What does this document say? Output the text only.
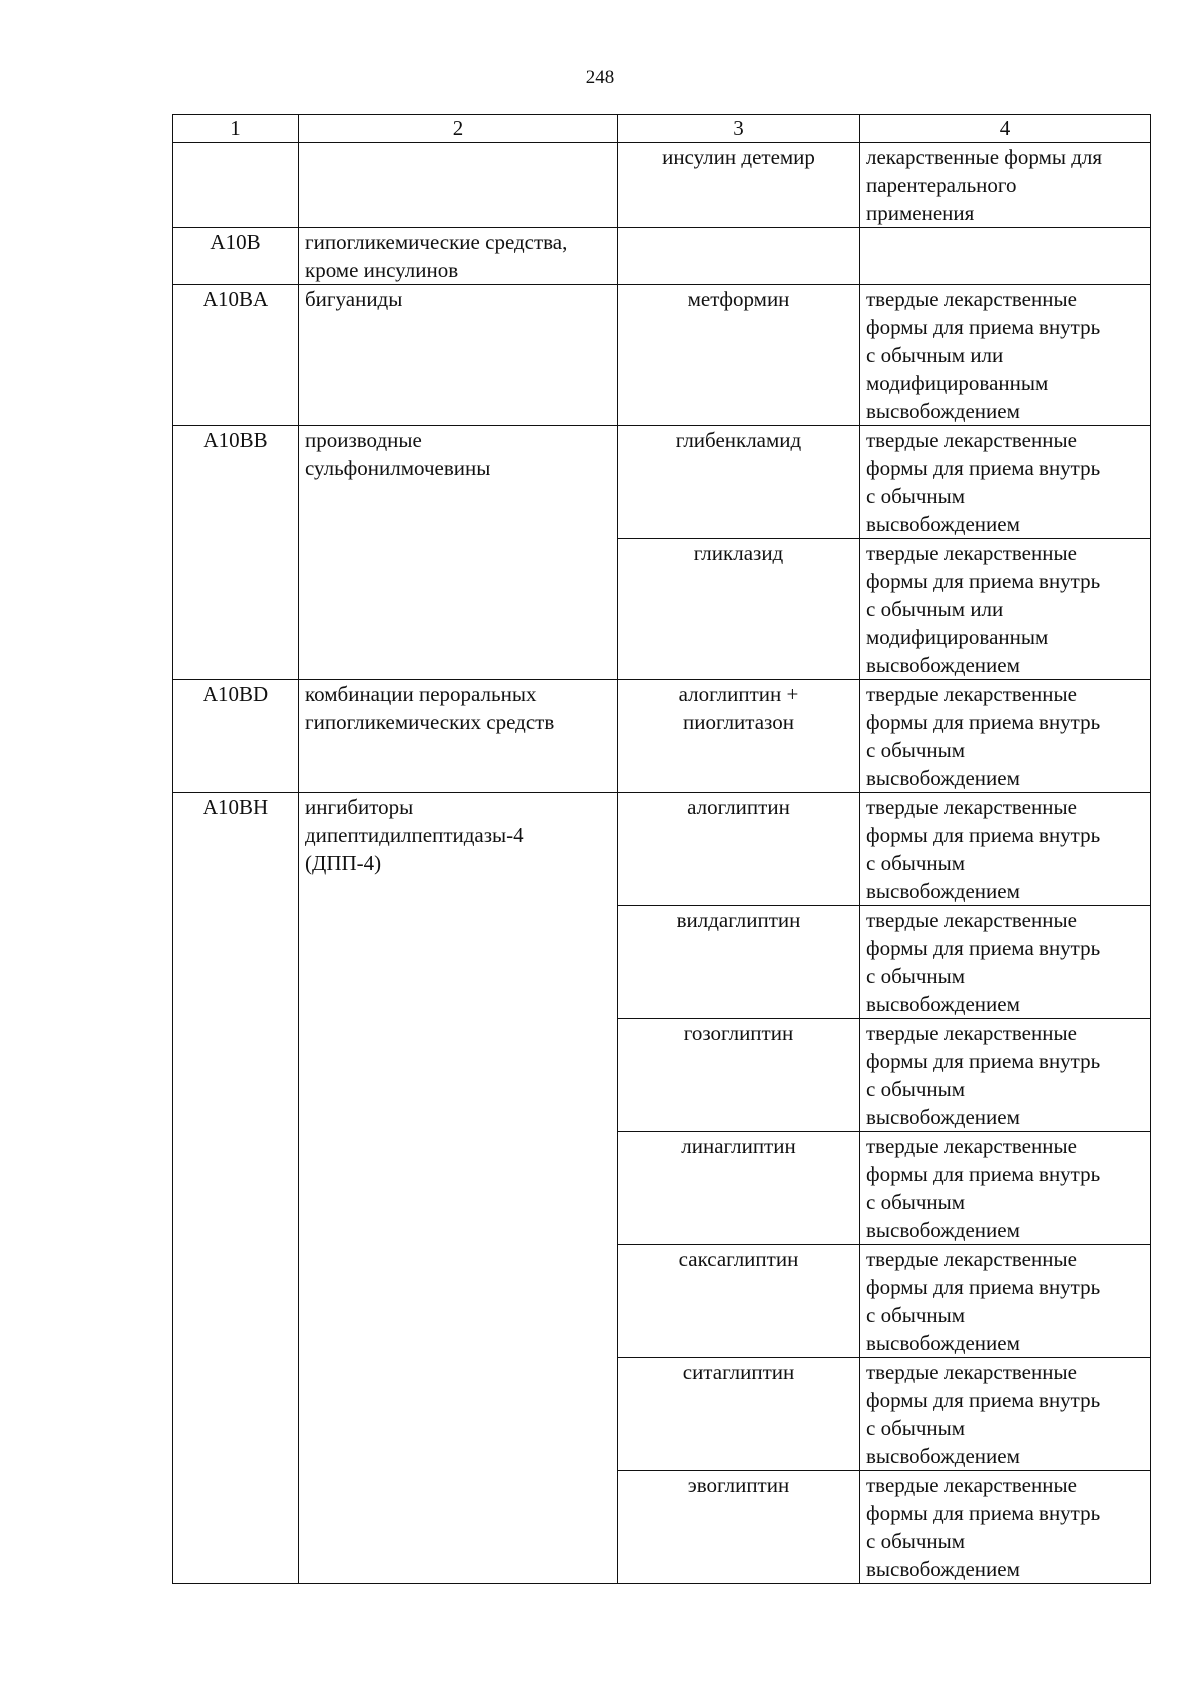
248
1	2	3	4

		инсулин детемир	лекарственные формы для
парентерального
применения

A10B	гипогликемические средства,
кроме инсулинов		

A10BA	бигуаниды	метформин	твердые лекарственные
формы для приема внутрь
с обычным или
модифицированным
высвобождением

A10BB	производные
сульфонилмочевины	глибенкламид	твердые лекарственные
формы для приема внутрь
с обычным
высвобождением

		гликлазид	твердые лекарственные
формы для приема внутрь
с обычным или
модифицированным
высвобождением

A10BD	комбинации пероральных
гипогликемических средств	алоглиптин +
пиоглитазон	твердые лекарственные
формы для приема внутрь
с обычным
высвобождением

A10BH	ингибиторы
дипептидилпептидазы-4
(ДПП-4)	алоглиптин	твердые лекарственные
формы для приема внутрь
с обычным
высвобождением

		вилдаглиптин	твердые лекарственные
формы для приема внутрь
с обычным
высвобождением

		гозоглиптин	твердые лекарственные
формы для приема внутрь
с обычным
высвобождением

		линаглиптин	твердые лекарственные
формы для приема внутрь
с обычным
высвобождением

		саксаглиптин	твердые лекарственные
формы для приема внутрь
с обычным
высвобождением

		ситаглиптин	твердые лекарственные
формы для приема внутрь
с обычным
высвобождением

		эвоглиптин	твердые лекарственные
формы для приема внутрь
с обычным
высвобождением
